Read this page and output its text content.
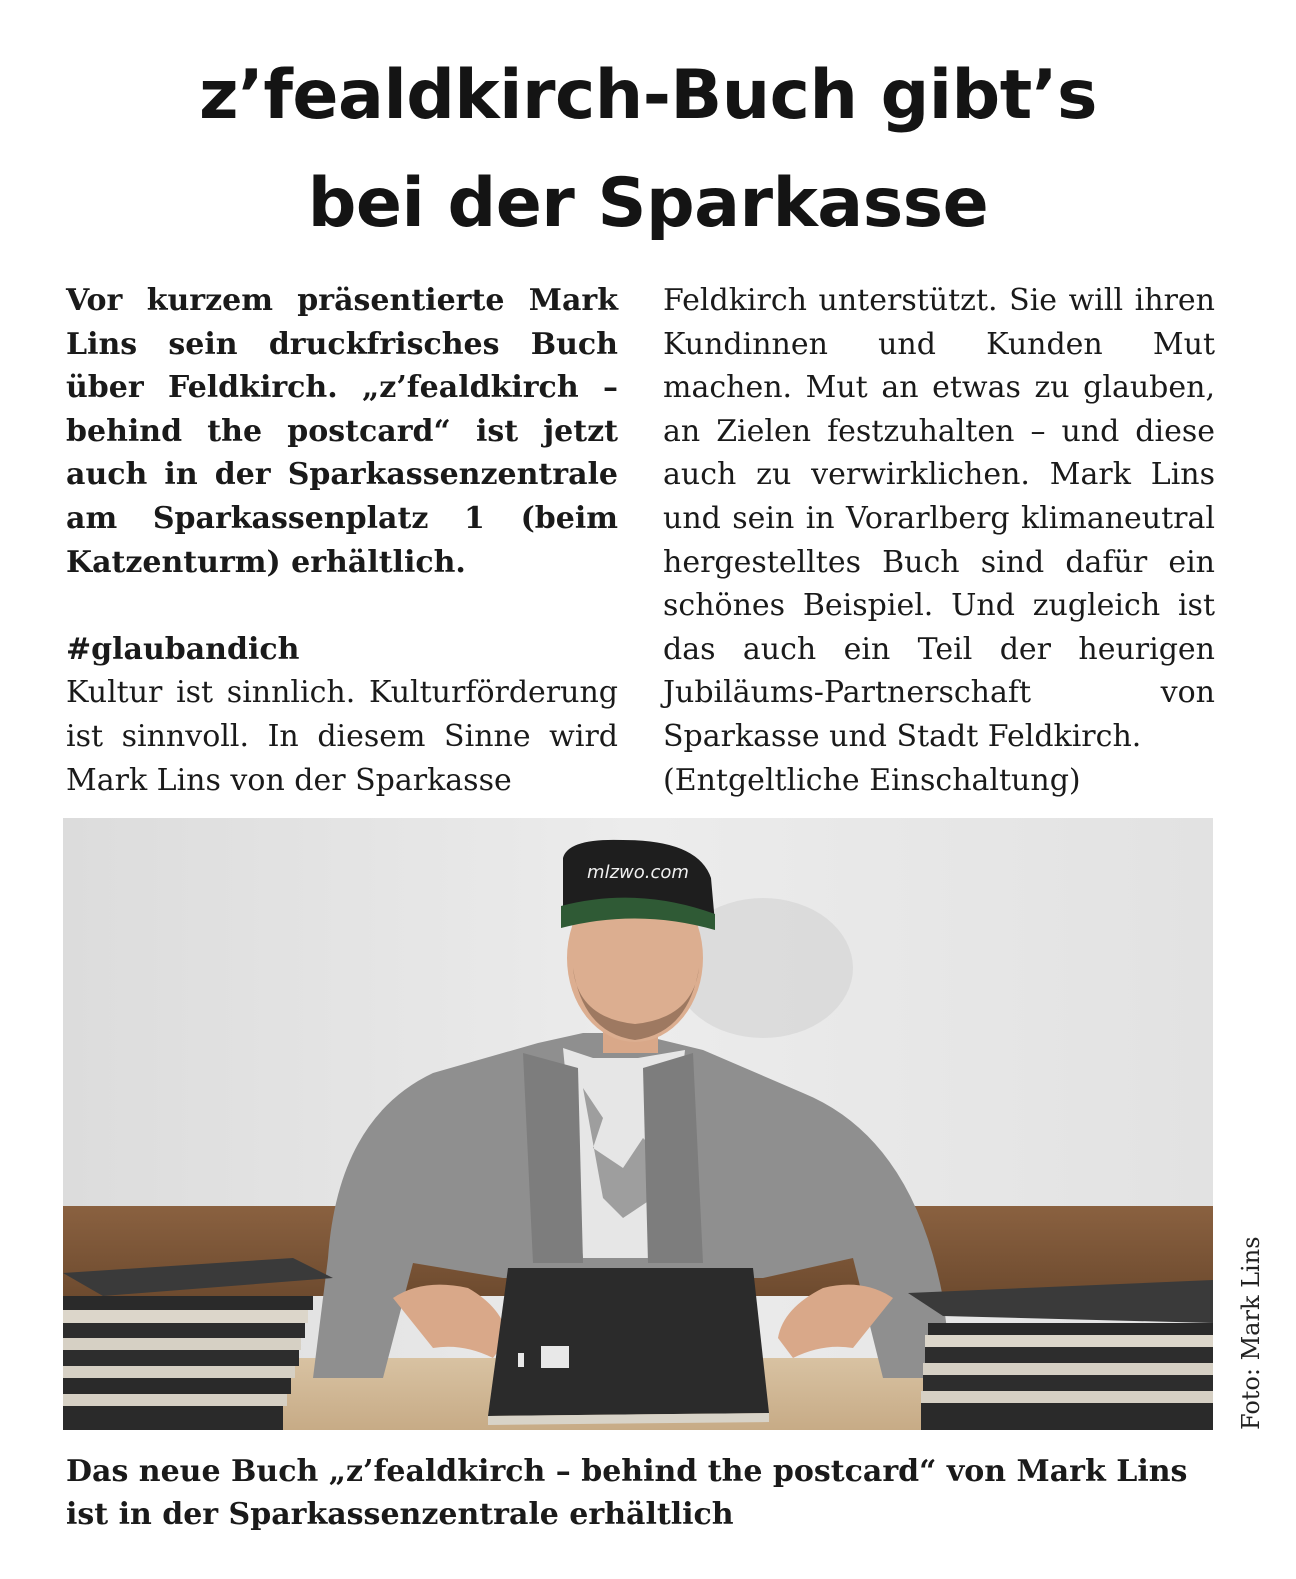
z’fealdkirch-Buch gibt’s
bei der Sparkasse

Vor kurzem präsentierte Mark Lins sein druckfrisches Buch über Feldkirch. „z’fealdkirch – behind the postcard“ ist jetzt auch in der Sparkassenzentrale am Sparkassenplatz 1 (beim Katzenturm) erhältlich.

#glaubandich

Kultur ist sinnlich. Kulturförderung ist sinnvoll. In diesem Sinne wird Mark Lins von der Sparkasse

Feldkirch unterstützt. Sie will ihren Kundinnen und Kunden Mut machen. Mut an etwas zu glauben, an Zielen festzuhalten – und diese auch zu verwirklichen. Mark Lins und sein in Vorarlberg klimaneutral hergestelltes Buch sind dafür ein schönes Beispiel. Und zugleich ist das auch ein Teil der heurigen Jubiläums-Partnerschaft von Sparkasse und Stadt Feldkirch.

(Entgeltliche Einschaltung)

mlzwo.com
Foto: Mark Lins
Das neue Buch „z’fealdkirch – behind the postcard“ von Mark Lins
ist in der Sparkassenzentrale erhältlich
